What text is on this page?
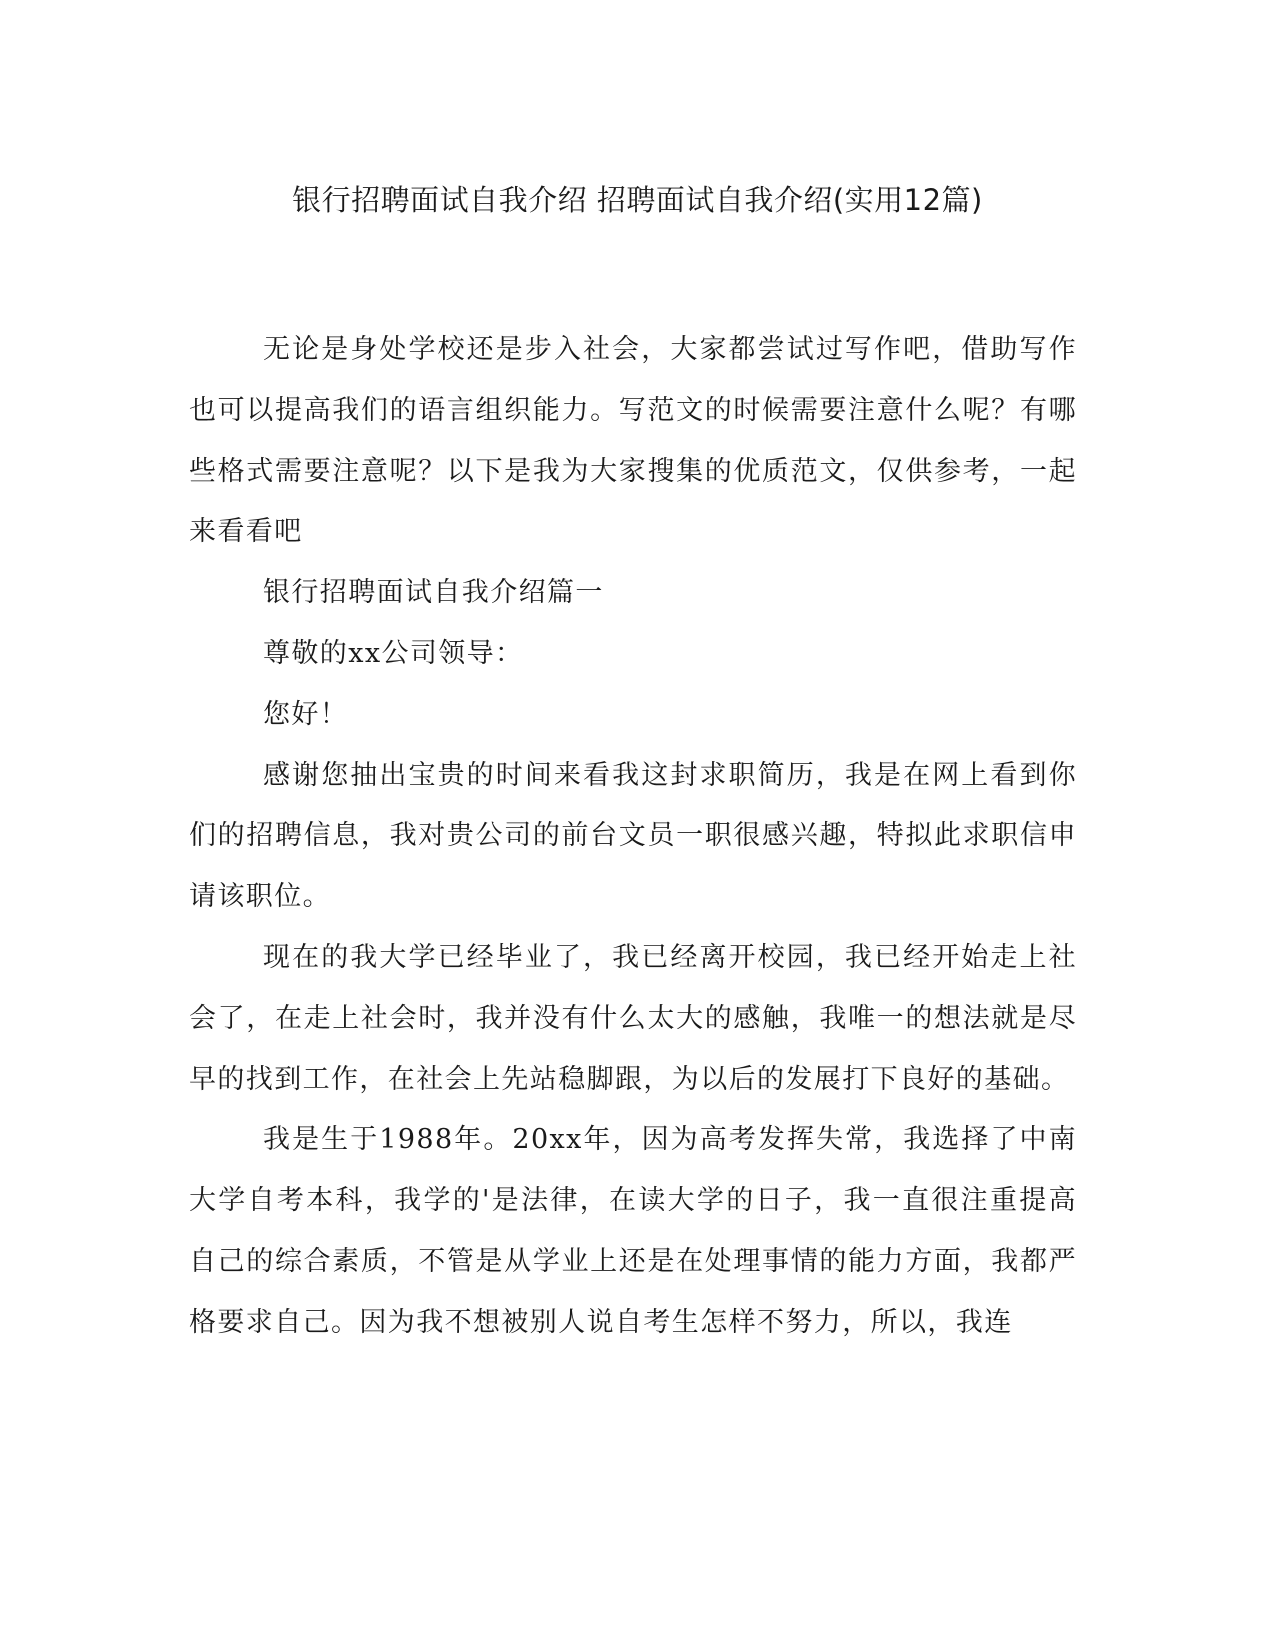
银行招聘面试自我介绍 招聘面试自我介绍(实用12篇)

无论是身处学校还是步入社会，大家都尝试过写作吧，借助写作也可以提高我们的语言组织能力。写范文的时候需要注意什么呢？有哪些格式需要注意呢？以下是我为大家搜集的优质范文，仅供参考，一起来看看吧

银行招聘面试自我介绍篇一

尊敬的xx公司领导：

您好！

感谢您抽出宝贵的时间来看我这封求职简历，我是在网上看到你们的招聘信息，我对贵公司的前台文员一职很感兴趣，特拟此求职信申请该职位。

现在的我大学已经毕业了，我已经离开校园，我已经开始走上社会了，在走上社会时，我并没有什么太大的感触，我唯一的想法就是尽早的找到工作，在社会上先站稳脚跟，为以后的发展打下良好的基础。

我是生于1988年。20xx年，因为高考发挥失常，我选择了中南大学自考本科，我学的'是法律，在读大学的日子，我一直很注重提高自己的综合素质，不管是从学业上还是在处理事情的能力方面，我都严格要求自己。因为我不想被别人说自考生怎样不努力，所以，我连
